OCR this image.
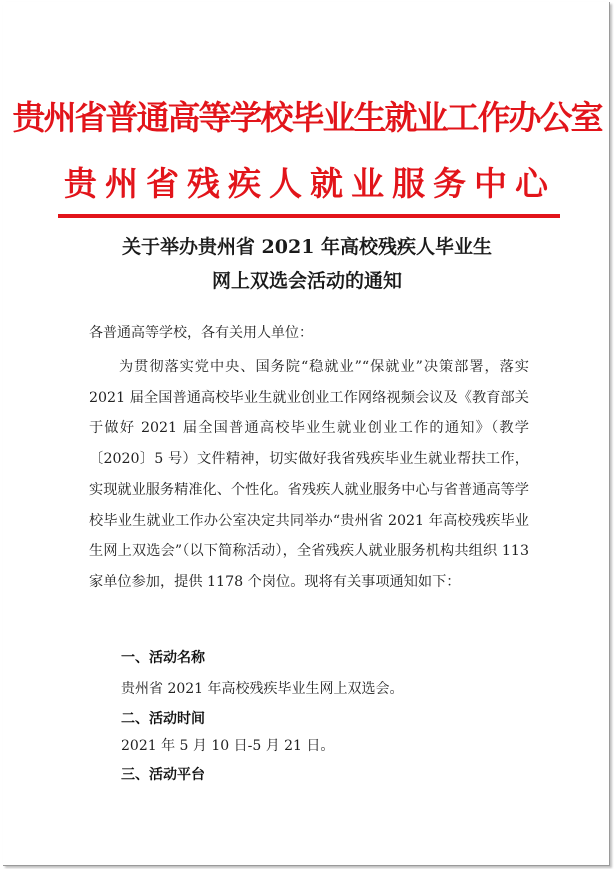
贵州省普通高等学校毕业生就业工作办公室
贵州省残疾人就业服务中心
关于举办贵州省 2021 年高校残疾人毕业生
网上双选会活动的通知
各普通高等学校，各有关用人单位：
为贯彻落实党中央、国务院“稳就业”“保就业”决策部署，落实 2021 届全国普通高校毕业生就业创业工作网络视频会议及《教育部关于做好 2021 届全国普通高校毕业生就业创业工作的通知》（教学〔2020〕5 号）文件精神，切实做好我省残疾毕业生就业帮扶工作，实现就业服务精准化、个性化。省残疾人就业服务中心与省普通高等学校毕业生就业工作办公室决定共同举办“贵州省 2021 年高校残疾毕业生网上双选会”（以下简称活动），全省残疾人就业服务机构共组织 113 家单位参加，提供 1178 个岗位。现将有关事项通知如下：
一、活动名称
贵州省 2021 年高校残疾毕业生网上双选会。
二、活动时间
2021 年 5 月 10 日-5 月 21 日。
三、活动平台
